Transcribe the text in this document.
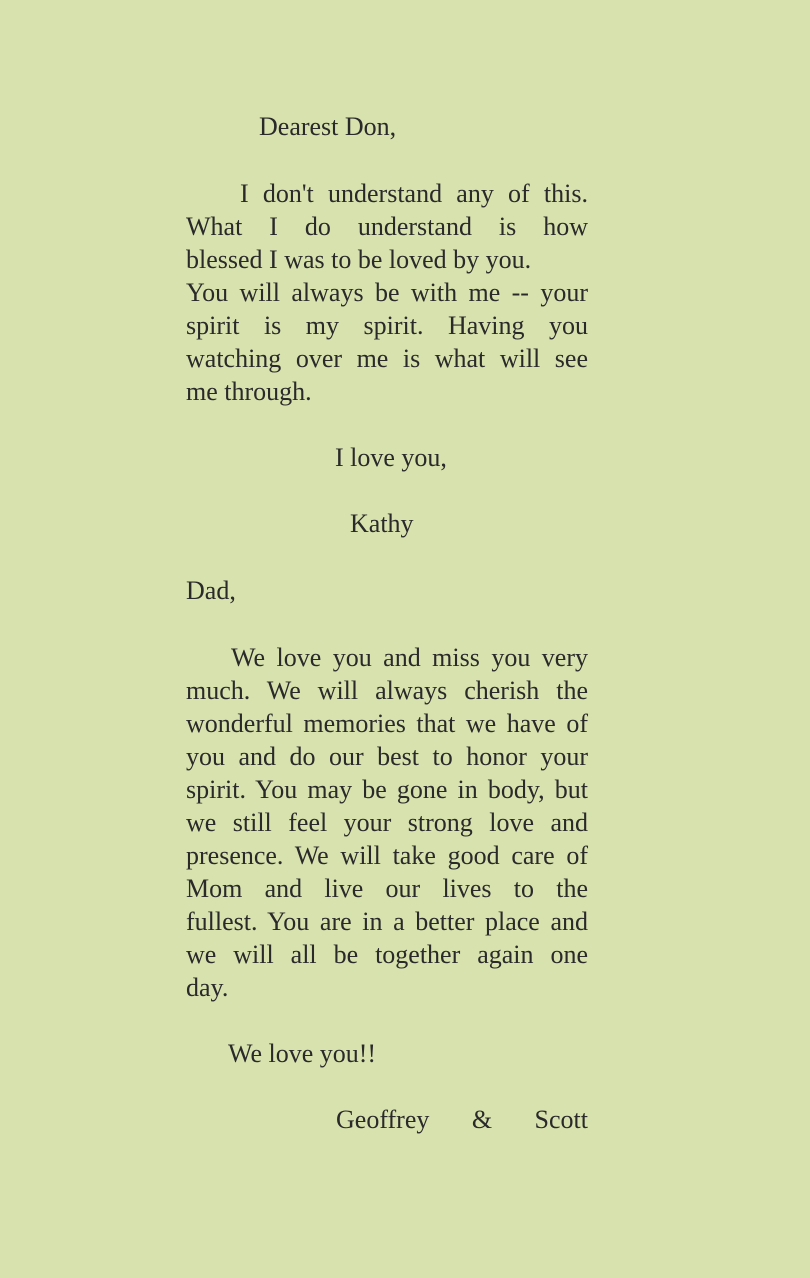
Dearest Don,
I don't understand any of this.
What I do understand is how
blessed I was to be loved by you.
You will always be with me -- your
spirit is my spirit. Having you
watching over me is what will see
me through.
I love you,
Kathy
Dad,
We love you and miss you very
much. We will always cherish the
wonderful memories that we have of
you and do our best to honor your
spirit. You may be gone in body, but
we still feel your strong love and
presence. We will take good care of
Mom and live our lives to the
fullest. You are in a better place and
we will all be together again one
day.
We love you!!
Geoffrey & Scott
